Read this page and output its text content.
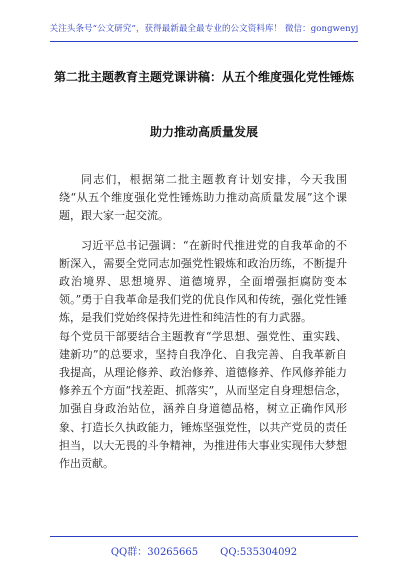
关注头条号“公文研究”，获得最新最全最专业的公文资料库！ 微信：gongwenyj
第二批主题教育主题党课讲稿：从五个维度强化党性锤炼
助力推动高质量发展

同志们，根据第二批主题教育计划安排，今天我围绕“从五个维度强化党性锤炼助力推动高质量发展”这个课题，跟大家一起交流。

习近平总书记强调：“在新时代推进党的自我革命的不断深入，需要全党同志加强党性锻炼和政治历练，不断提升政治境界、思想境界、道德境界，全面增强拒腐防变本领。”勇于自我革命是我们党的优良作风和传统，强化党性锤炼，是我们党始终保持先进性和纯洁性的有力武器。

每个党员干部要结合主题教育“学思想、强党性、重实践、建新功”的总要求，坚持自我净化、自我完善、自我革新自我提高，从理论修养、政治修养、道德修养、作风修养能力修养五个方面“找差距、抓落实”，从而坚定自身理想信念，加强自身政治站位，涵养自身道德品格，树立正确作风形象、打造长久执政能力，锤炼坚强党性，以共产党员的责任担当，以大无畏的斗争精神，为推进伟大事业实现伟大梦想作出贡献。

QQ群：30265665 QQ:535304092
